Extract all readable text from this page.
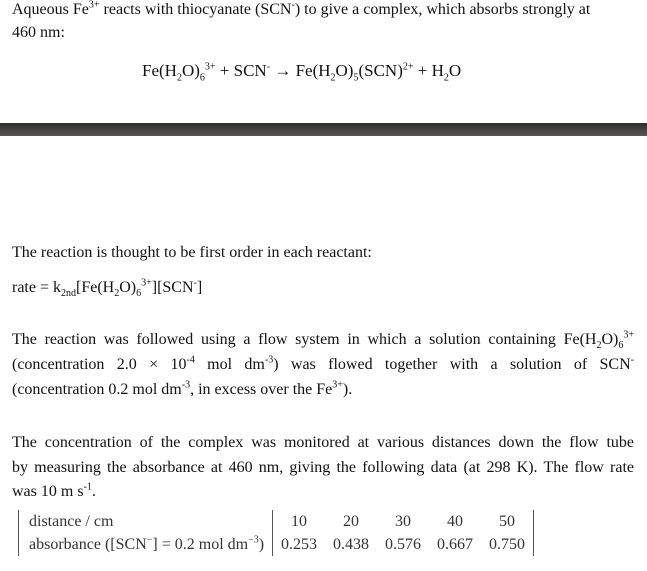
Aqueous $Fe^{3+}$ reacts with thiocyanate (SCN-) to give a complex, which absorbs strongly at
460 nm:
$Fe(H_2O)_6^{3+} + SCN^- \to Fe(H_2O)_5(SCN)^{2+} + H_2O$
The reaction is thought to be first order in each reactant:
rate = $k_{2nd}[Fe(H_2O)_6^{3+}][SCN^-]$
The reaction was followed using a flow system in which a solution containing $Fe(H_2O)_6^{3+}$
(concentration $2.0 \times 10^{-4}$ mol $dm^{-3}$) was flowed together with a solution of SCN-
(concentration 0.2 mol $dm^{-3}$, in excess over the $Fe^{3+}$).
The concentration of the complex was monitored at various distances down the flow tube
by measuring the absorbance at 460 nm, giving the following data (at 298 K). The flow rate
was 10 m $s^{-1}$.
distance / cm	10	20	30	40	50
absorbance ([SCN−] = 0.2 mol $dm^{-3}$)	0.253	0.438	0.576	0.667	0.750
